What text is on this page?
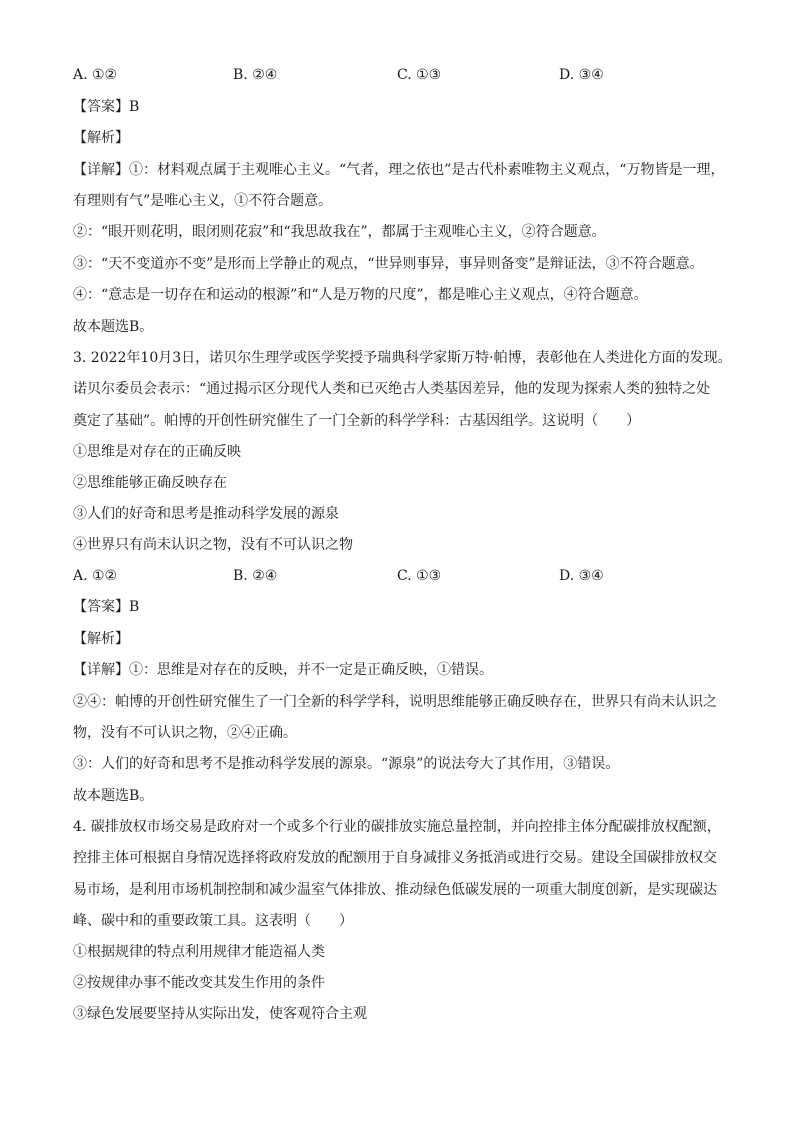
A. ①②	B. ②④	C. ①③	D. ③④
【答案】B
【解析】
【详解】①：材料观点属于主观唯心主义。“气者，理之依也”是古代朴素唯物主义观点，“万物皆是一理，
有理则有气”是唯心主义，①不符合题意。
②：“眼开则花明，眼闭则花寂”和“我思故我在”，都属于主观唯心主义，②符合题意。
③：“天不变道亦不变”是形而上学静止的观点，“世异则事异，事异则备变”是辩证法，③不符合题意。
④：“意志是一切存在和运动的根源”和“人是万物的尺度”，都是唯心主义观点，④符合题意。
故本题选B。
3. 2022年10月3日，诺贝尔生理学或医学奖授予瑞典科学家斯万特·帕博，表彰他在人类进化方面的发现。
诺贝尔委员会表示：“通过揭示区分现代人类和已灭绝古人类基因差异，他的发现为探索人类的独特之处
奠定了基础”。帕博的开创性研究催生了一门全新的科学学科：古基因组学。这说明（　　）
①思维是对存在的正确反映
②思维能够正确反映存在
③人们的好奇和思考是推动科学发展的源泉
④世界只有尚未认识之物，没有不可认识之物
A. ①②	B. ②④	C. ①③	D. ③④
【答案】B
【解析】
【详解】①：思维是对存在的反映，并不一定是正确反映，①错误。
②④：帕博的开创性研究催生了一门全新的科学学科，说明思维能够正确反映存在，世界只有尚未认识之
物，没有不可认识之物，②④正确。
③：人们的好奇和思考不是推动科学发展的源泉。“源泉”的说法夸大了其作用，③错误。
故本题选B。
4. 碳排放权市场交易是政府对一个或多个行业的碳排放实施总量控制，并向控排主体分配碳排放权配额，
控排主体可根据自身情况选择将政府发放的配额用于自身减排义务抵消或进行交易。建设全国碳排放权交
易市场，是利用市场机制控制和减少温室气体排放、推动绿色低碳发展的一项重大制度创新，是实现碳达
峰、碳中和的重要政策工具。这表明（　　）
①根据规律的特点利用规律才能造福人类
②按规律办事不能改变其发生作用的条件
③绿色发展要坚持从实际出发，使客观符合主观
